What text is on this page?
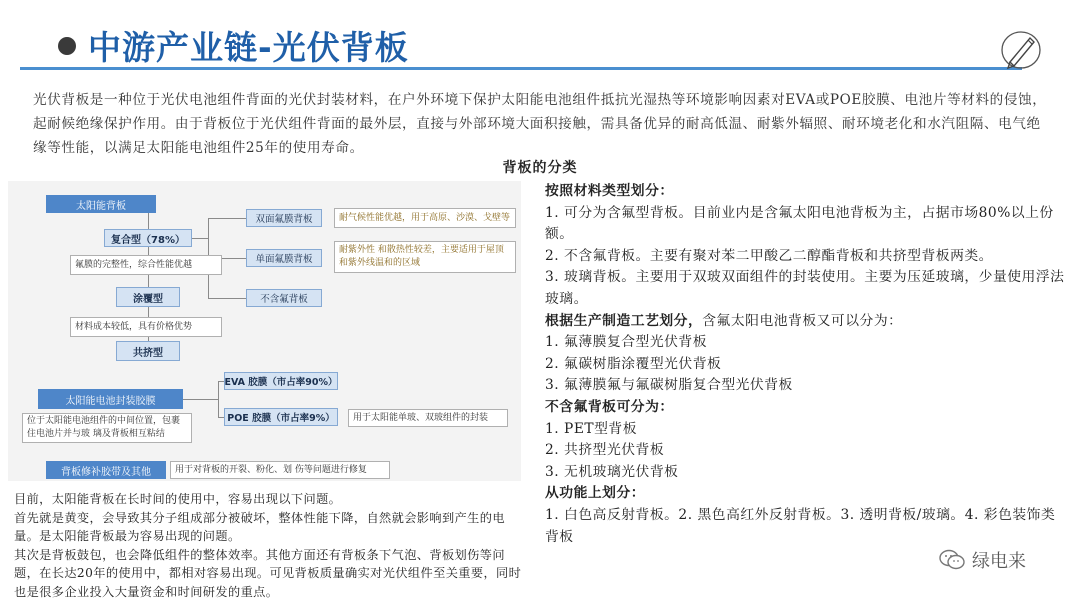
中游产业链-光伏背板
光伏背板是一种位于光伏电池组件背面的光伏封装材料，在户外环境下保护太阳能电池组件抵抗光湿热等环境影响因素对EVA或POE胶膜、电池片等材料的侵蚀，起耐候绝缘保护作用。由于背板位于光伏组件背面的最外层，直接与外部环境大面积接触，需具备优异的耐高低温、耐紫外辐照、耐环境老化和水汽阻隔、电气绝缘等性能，以满足太阳能电池组件25年的使用寿命。
背板的分类
太阳能背板
复合型（78%）
氟膜的完整性，综合性能优越
双面氟膜背板	耐气候性能优越，用于高原、沙漠、戈壁等
单面氟膜背板
耐紫外性 和散热性较差，主要适用于屋顶和紫外线温和的区域
不含氟背板
涂覆型
材料成本较低，具有价格优势
共挤型
太阳能电池封装胶膜
位于太阳能电池组件的中间位置，包裹住电池片并与玻 璃及背板相互粘结
EVA 胶膜（市占率90%）
POE 胶膜（市占率9%）	用于太阳能单玻、双玻组件的封装
背板修补胶带及其他	用于对背板的开裂、粉化、划 伤等问题进行修复
目前，太阳能背板在长时间的使用中，容易出现以下问题。
首先就是黄变，会导致其分子组成部分被破坏，整体性能下降，自然就会影响到产生的电量。是太阳能背板最为容易出现的问题。
其次是背板鼓包，也会降低组件的整体效率。其他方面还有背板条下气泡、背板划伤等问题，在长达20年的使用中，都相对容易出现。可见背板质量确实对光伏组件至关重要，同时也是很多企业投入大量资金和时间研发的重点。
按照材料类型划分：
1. 可分为含氟型背板。目前业内是含氟太阳电池背板为主，占据市场80%以上份额。
2. 不含氟背板。主要有聚对苯二甲酸乙二醇酯背板和共挤型背板两类。
3. 玻璃背板。主要用于双玻双面组件的封装使用。主要为压延玻璃，少量使用浮法玻璃。
根据生产制造工艺划分，含氟太阳电池背板又可以分为：
1. 氟薄膜复合型光伏背板
2. 氟碳树脂涂覆型光伏背板
3. 氟薄膜氟与氟碳树脂复合型光伏背板
不含氟背板可分为：
1. PET型背板
2. 共挤型光伏背板
3. 无机玻璃光伏背板
从功能上划分：
1. 白色高反射背板。2. 黑色高红外反射背板。3. 透明背板/玻璃。4. 彩色装饰类背板
绿电来
